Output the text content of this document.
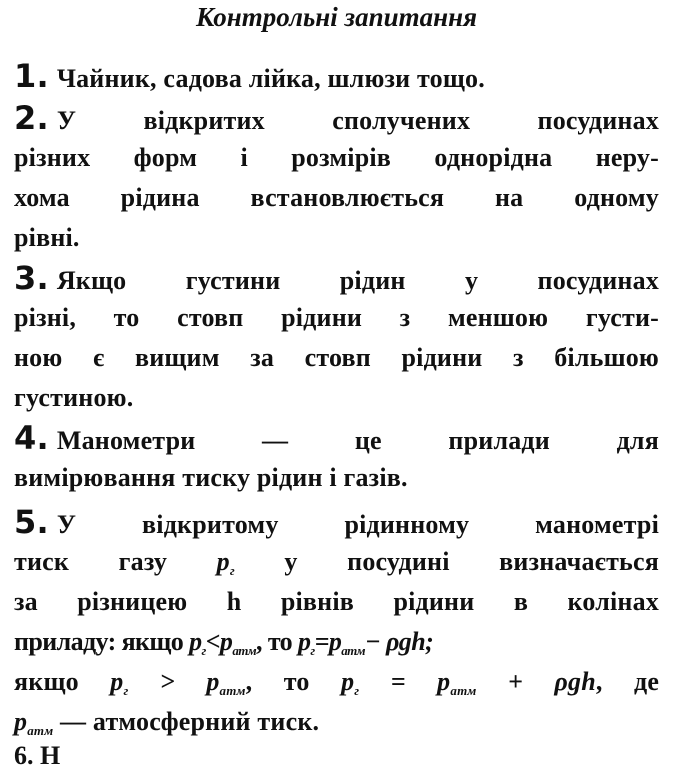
Контрольні запитання
1. Чайник, садова лійка, шлюзи тощо.
2. У відкритих сполучених посудинах
різних форм і розмірів однорідна неру-
хома рідина встановлюється на одному
рівні.
3. Якщо густини рідин у посудинах
різні, то стовп рідини з меншою густи-
ною є вищим за стовп рідини з більшою
густиною.
4. Манометри — це прилади для
вимірювання тиску рідин і газів.
5. У відкритому рідинному манометрі
тиск газу $p_г$ у посудині визначається
за різницею h рівнів рідини в колінах
приладу: якщо $p_г<p_{атм}$, то $p_г=p_{атм}- \rho gh$;
якщо $p_г > p_{атм}$, то $p_г = p_{атм} + \rho gh$, де
$p_{атм}$ — атмосферний тиск.
6. Н
